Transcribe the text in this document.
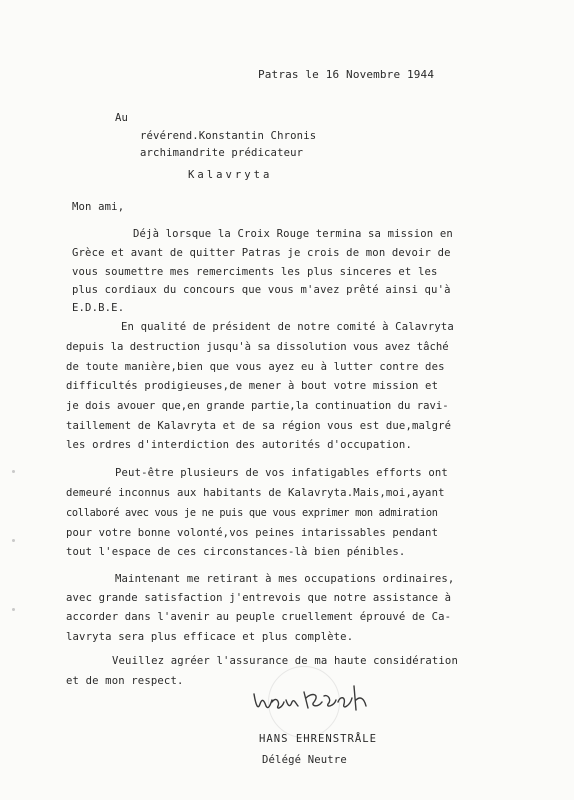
Patras le 16 Novembre 1944
Au
révérend.Konstantin Chronis
archimandrite prédicateur
Kalavryta
Mon ami,
Déjà lorsque la Croix Rouge termina sa mission en
Grèce et avant de quitter Patras je crois de mon devoir de
vous soumettre mes remerciments les plus sinceres et les
plus cordiaux du concours que vous m'avez prêté ainsi qu'à
E.D.B.E.
En qualité de président de notre comité à Calavryta
depuis la destruction jusqu'à sa dissolution vous avez tâché
de toute manière,bien que vous ayez eu à lutter contre des
difficultés prodigieuses,de mener à bout votre mission et
je dois avouer que,en grande partie,la continuation du ravi-
taillement de Kalavryta et de sa région vous est due,malgré
les ordres d'interdiction des autorités d'occupation.
Peut-être plusieurs de vos infatigables efforts ont
demeuré inconnus aux habitants de Kalavryta.Mais,moi,ayant
collaboré avec vous je ne puis que vous exprimer mon admiration
pour votre bonne volonté,vos peines intarissables pendant
tout l'espace de ces circonstances-là bien pénibles.
Maintenant me retirant à mes occupations ordinaires,
avec grande satisfaction j'entrevois que notre assistance à
accorder dans l'avenir au peuple cruellement éprouvé de Ca-
lavryta sera plus efficace et plus complète.
Veuillez agréer l'assurance de ma haute considération
et de mon respect.
HANS EHRENSTRÅLE
Délégé Neutre
